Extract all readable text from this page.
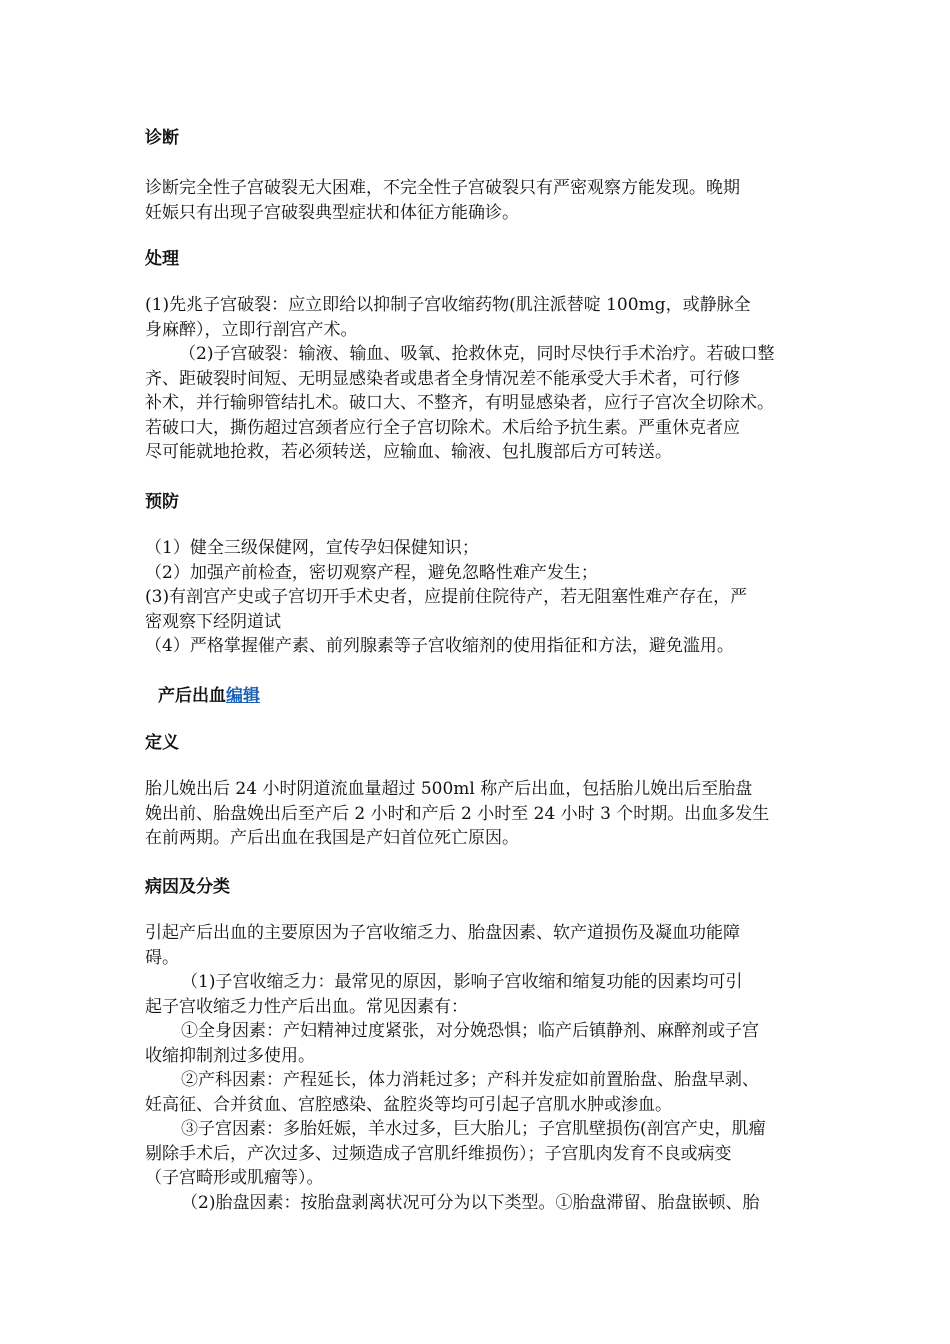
诊断
诊断完全性子宫破裂无大困难，不完全性子宫破裂只有严密观察方能发现。晚期
妊娠只有出现子宫破裂典型症状和体征方能确诊。
处理
(1)先兆子宫破裂：应立即给以抑制子宫收缩药物(肌注派替啶 100mg，或静脉全
身麻醉），立即行剖宫产术。
（2)子宫破裂：输液、输血、吸氧、抢救休克，同时尽快行手术治疗。若破口整
齐、距破裂时间短、无明显感染者或患者全身情况差不能承受大手术者，可行修
补术，并行输卵管结扎术。破口大、不整齐，有明显感染者，应行子宫次全切除术。
若破口大，撕伤超过宫颈者应行全子宫切除术。术后给予抗生素。严重休克者应
尽可能就地抢救，若必须转送，应输血、输液、包扎腹部后方可转送。
预防
（1）健全三级保健网，宣传孕妇保健知识；
（2）加强产前检查，密切观察产程，避免忽略性难产发生；
(3)有剖宫产史或子宫切开手术史者，应提前住院待产，若无阻塞性难产存在，严
密观察下经阴道试
（4）严格掌握催产素、前列腺素等子宫收缩剂的使用指征和方法，避免滥用。
产后出血编辑
定义
胎儿娩出后 24 小时阴道流血量超过 500ml 称产后出血，包括胎儿娩出后至胎盘
娩出前、胎盘娩出后至产后 2 小时和产后 2 小时至 24 小时 3 个时期。出血多发生
在前两期。产后出血在我国是产妇首位死亡原因。
病因及分类
引起产后出血的主要原因为子宫收缩乏力、胎盘因素、软产道损伤及凝血功能障
碍。
（1)子宫收缩乏力：最常见的原因，影响子宫收缩和缩复功能的因素均可引
起子宫收缩乏力性产后出血。常见因素有：
①全身因素：产妇精神过度紧张，对分娩恐惧；临产后镇静剂、麻醉剂或子宫
收缩抑制剂过多使用。
②产科因素：产程延长，体力消耗过多；产科并发症如前置胎盘、胎盘早剥、
妊高征、合并贫血、宫腔感染、盆腔炎等均可引起子宫肌水肿或渗血。
③子宫因素：多胎妊娠，羊水过多，巨大胎儿；子宫肌壁损伤(剖宫产史，肌瘤
剔除手术后，产次过多、过频造成子宫肌纤维损伤）；子宫肌肉发育不良或病变
（子宫畸形或肌瘤等）。
（2)胎盘因素：按胎盘剥离状况可分为以下类型。①胎盘滞留、胎盘嵌顿、胎
